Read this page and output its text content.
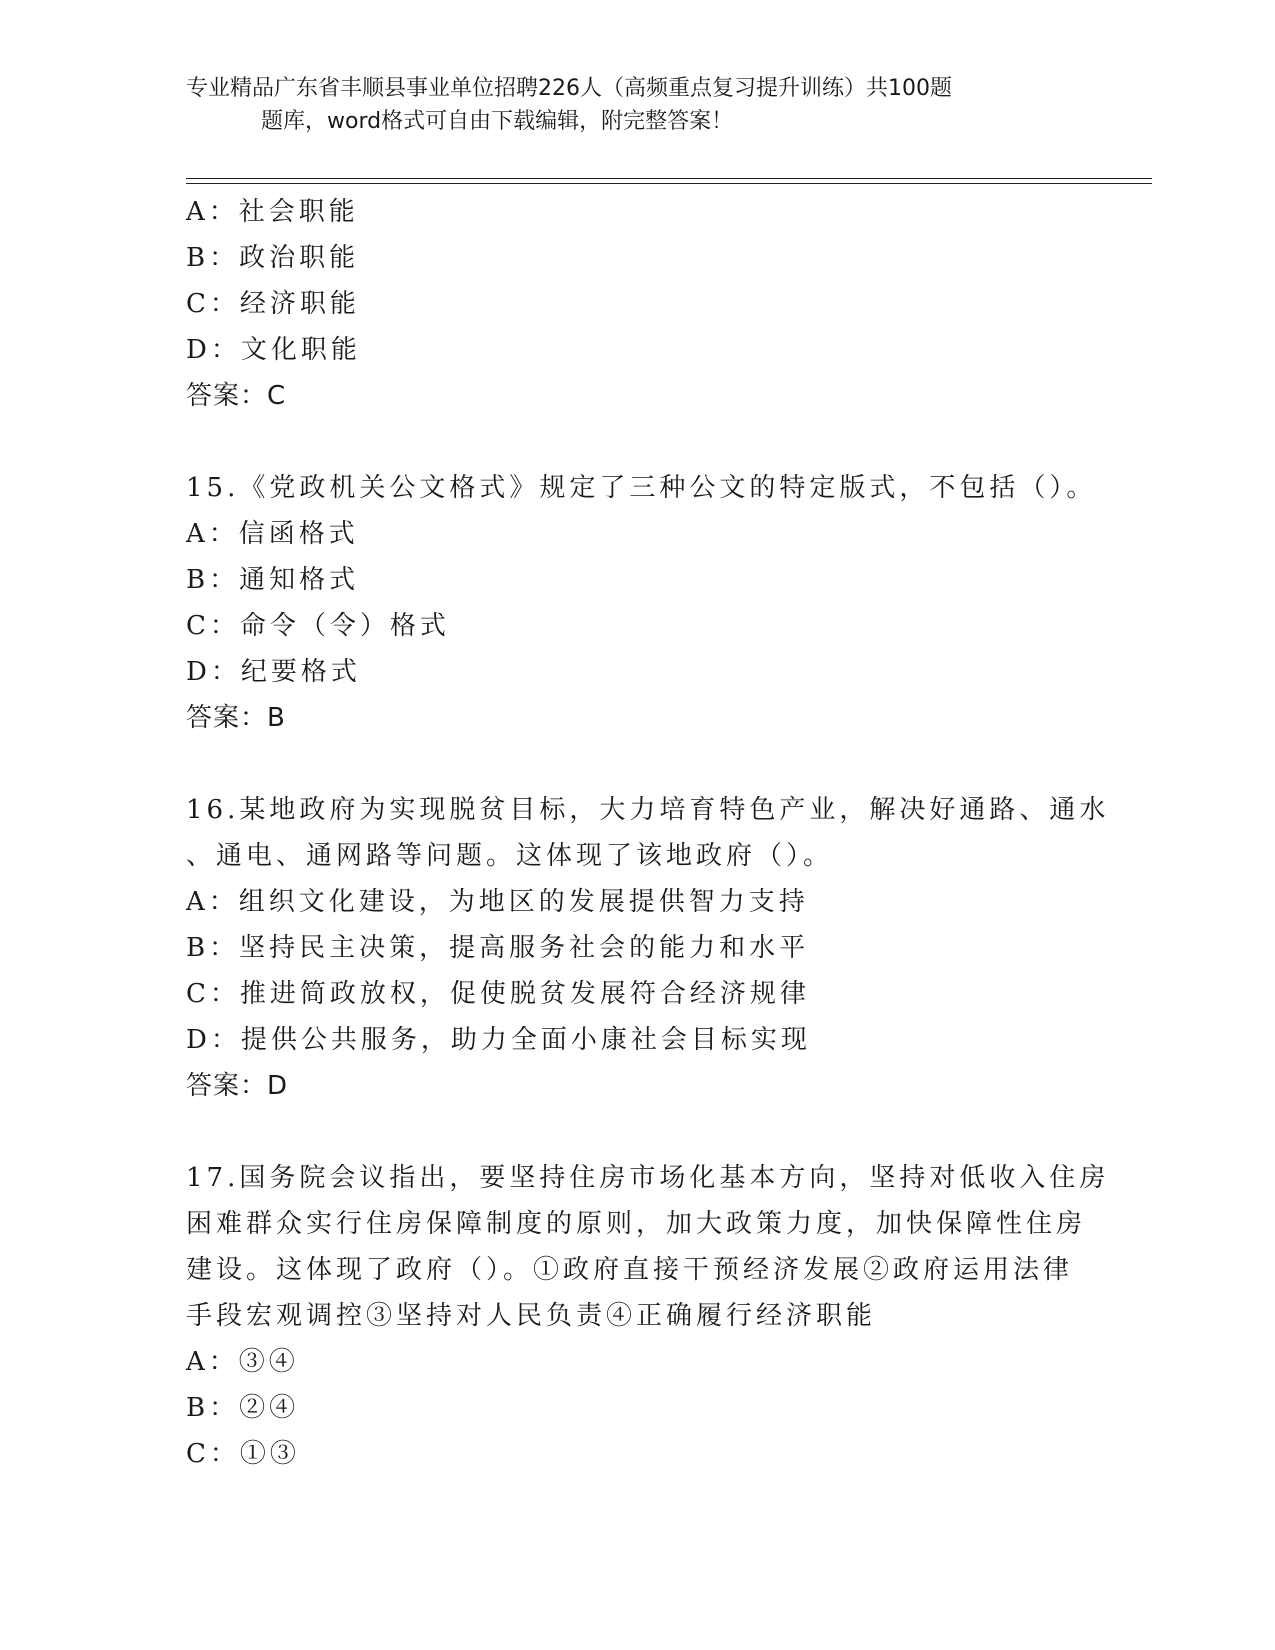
专业精品广东省丰顺县事业单位招聘226人（高频重点复习提升训练）共100题
题库，word格式可自由下载编辑，附完整答案！
A：社会职能
B：政治职能
C：经济职能
D：文化职能
答案：C
15.《党政机关公文格式》规定了三种公文的特定版式，不包括（）。
A：信函格式
B：通知格式
C：命令（令）格式
D：纪要格式
答案：B
16.某地政府为实现脱贫目标，大力培育特色产业，解决好通路、通水
、通电、通网路等问题。这体现了该地政府（）。
A：组织文化建设，为地区的发展提供智力支持
B：坚持民主决策，提高服务社会的能力和水平
C：推进简政放权，促使脱贫发展符合经济规律
D：提供公共服务，助力全面小康社会目标实现
答案：D
17.国务院会议指出，要坚持住房市场化基本方向，坚持对低收入住房
困难群众实行住房保障制度的原则，加大政策力度，加快保障性住房
建设。这体现了政府（）。①政府直接干预经济发展②政府运用法律
手段宏观调控③坚持对人民负责④正确履行经济职能
A：③④
B：②④
C：①③
